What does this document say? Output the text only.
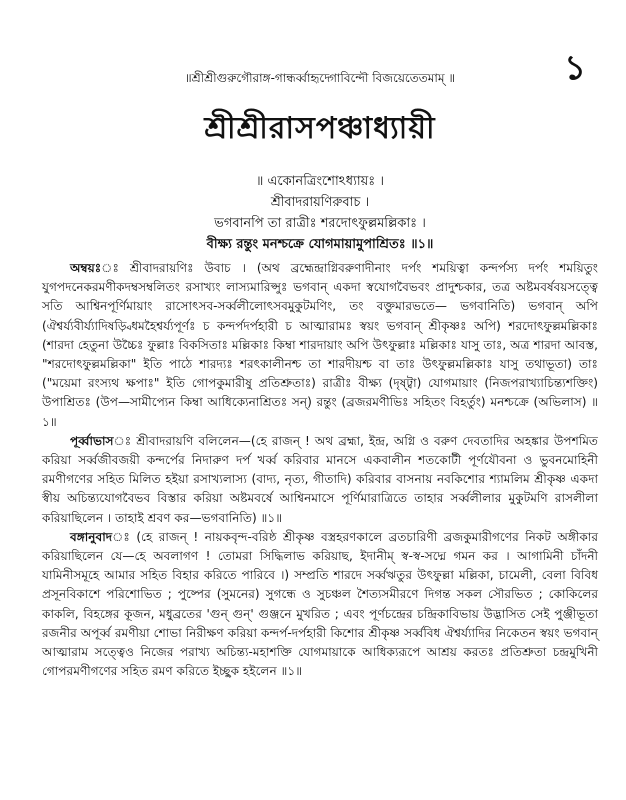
১
॥শ্রীশ্রীগুরুগৌরাঙ্গ-গান্ধর্ব্বাহৃদ্গোবিন্দৌ বিজয়েতেতমাম্ ॥
শ্রীশ্রীরাসপঞ্চাধ্যায়ী
॥ একোনত্রিংশোঽধ্যায়ঃ ।
শ্রীবাদরায়ণিরুবাচ ।
ভগবানপি তা রাত্রীঃ শরদোৎফুল্লমল্লিকাঃ ।
বীক্ষ্য রন্তুং মনশ্চক্রে যোগমায়ামুপাশ্রিতঃ ॥১॥

অম্বয়ঃঃ শ্রীবাদরায়ণিঃ উবাচ । (অথ ব্রহ্মেন্দ্রাগ্নিবরুণাদীনাং দর্পং শময়িত্বা কন্দর্পস্য দর্পং শময়িতুং যুগপদনেকরমণীকদম্বসম্বলিতং রসাখ্যং লাস্যমারিপ্সুঃ ভগবান্ একদা স্বযোগবৈভবং প্রাদুশ্চকার, তত্র অষ্টমবর্ষবয়সত্ত্বে সতি আশ্বিনপূর্ণিমায়াং রাসোৎসব-সর্ব্বলীলোৎসবমুকুটমণিং, তং বক্তুমারভতে— ভগবানিতি) ভগবান্ অপি (ঐশ্বর্য্যবীর্য্যাদিষড়্বিধমহৈশ্বর্য্যপূর্ণঃ চ কন্দর্পদর্পহারী চ আত্মারামঃ স্বয়ং ভগবান্ শ্রীকৃষ্ণঃ অপি) শরদোৎফুল্লমল্লিকাঃ (শারদা হেতুনা উচ্চৈঃ ফুল্লাঃ বিকসিতাঃ মল্লিকাঃ কিম্বা শারদায়াং অপি উৎফুল্লাঃ মল্লিকাঃ যাসু তাঃ, অত্র শারদা আবস্ত, "শরদোৎফুল্লমল্লিকা" ইতি পাঠে শারদ্যঃ শরৎকালীনশ্চ তা শারদীয়শ্চ বা তাঃ উৎফুল্লমল্লিকাঃ যাসু তথাভূতা) তাঃ ("ময়েমা রংস্যথ ক্ষপাঃ" ইতি গোপকুমারীষু প্রতিশ্রুতাঃ) রাত্রীঃ বীক্ষ্য (দৃষ্ট্বা) যোগমায়াং (নিজপরাখ্যাচিন্ত্যশক্তিং) উপাশ্রিতঃ (উপ—সামীপ্যেন কিম্বা আধিক্যেনাশ্রিতঃ সন্) রন্তুং (ব্রজরমণীভিঃ সহিতং বিহর্তুং) মনশ্চক্রে (অভিলাস) ॥১॥

পূর্ব্বাভাসঃ শ্রীবাদরায়ণি বলিলেন—(হে রাজন্ ! অথ ব্রহ্মা, ইন্দ্র, অগ্নি ও বরুণ দেবতাদির অহঙ্কার উপশমিত করিয়া সর্ব্বজীবজয়ী কন্দর্পের নিদারুণ দর্প খর্ব্ব করিবার মানসে একবালীন শতকোটী পূর্ণযৌবনা ও ভুবনমোহিনী রমণীগণের সহিত মিলিত হইয়া রসাখ্যলাস্য (বাদ্য, নৃত্য, গীতাদি) করিবার বাসনায় নবকিশোর শ্যামলিম শ্রীকৃষ্ণ একদা স্বীয় অচিন্ত্যযোগবৈভব বিস্তার করিয়া অষ্টমবর্ষে আশ্বিনমাসে পূর্ণিমারাত্রিতে তাহার সর্ব্বলীলার মুকুটমণি রাসলীলা করিয়াছিলেন । তাহাই শ্রবণ কর—ভগবানিতি) ॥১॥

বঙ্গানুবাদঃ (হে রাজন্ ! নায়কবৃন্দ-বরিষ্ঠ শ্রীকৃষ্ণ বস্ত্রহরণকালে ব্রতচারিণী ব্রজকুমারীগণের নিকট অঙ্গীকার করিয়াছিলেন যে—হে অবলাগণ ! তোমরা সিদ্ধিলাভ করিয়াছ, ইদানীম্ স্ব-স্ব-সদ্মে গমন কর । আগামিনী চাঁদনী যামিনীসমূহে আমার সহিত বিহার করিতে পারিবে ।) সম্প্রতি শারদে সর্ব্বঋতুর উৎফুল্লা মল্লিকা, চামেলী, বেলা বিবিধ প্রসূনবিকাশে পরিশোভিত ; পুষ্পের (সুমনের) সুগন্ধে ও সুচঞ্চল শৈত্যসমীরণে দিগন্ত সকল সৌরভিত ; কোকিলের কাকলি, বিহঙ্গের কূজন, মধুব্রতের 'গুন্ গুন্' গুঞ্জনে মুখরিত ; এবং পূর্ণচন্দ্রের চন্দ্রিকাবিভায় উদ্ভাসিত সেই পুঞ্জীভূতা রজনীর অপূর্ব্ব রমণীয়া শোভা নিরীক্ষণ করিয়া কন্দর্প-দর্পহারী কিশোর শ্রীকৃষ্ণ সর্ব্ববিধ ঐশ্বর্য্যাদির নিকেতন স্বয়ং ভগবান্ আত্মারাম সত্ত্বেও নিজের পরাখ্য অচিন্ত্য-মহাশক্তি যোগমায়াকে আধিক্যরূপে আশ্রয় করতঃ প্রতিশ্রুতা চন্দ্রমুখিনী গোপরমণীগণের সহিত রমণ করিতে ইচ্ছুক হইলেন ॥১॥
